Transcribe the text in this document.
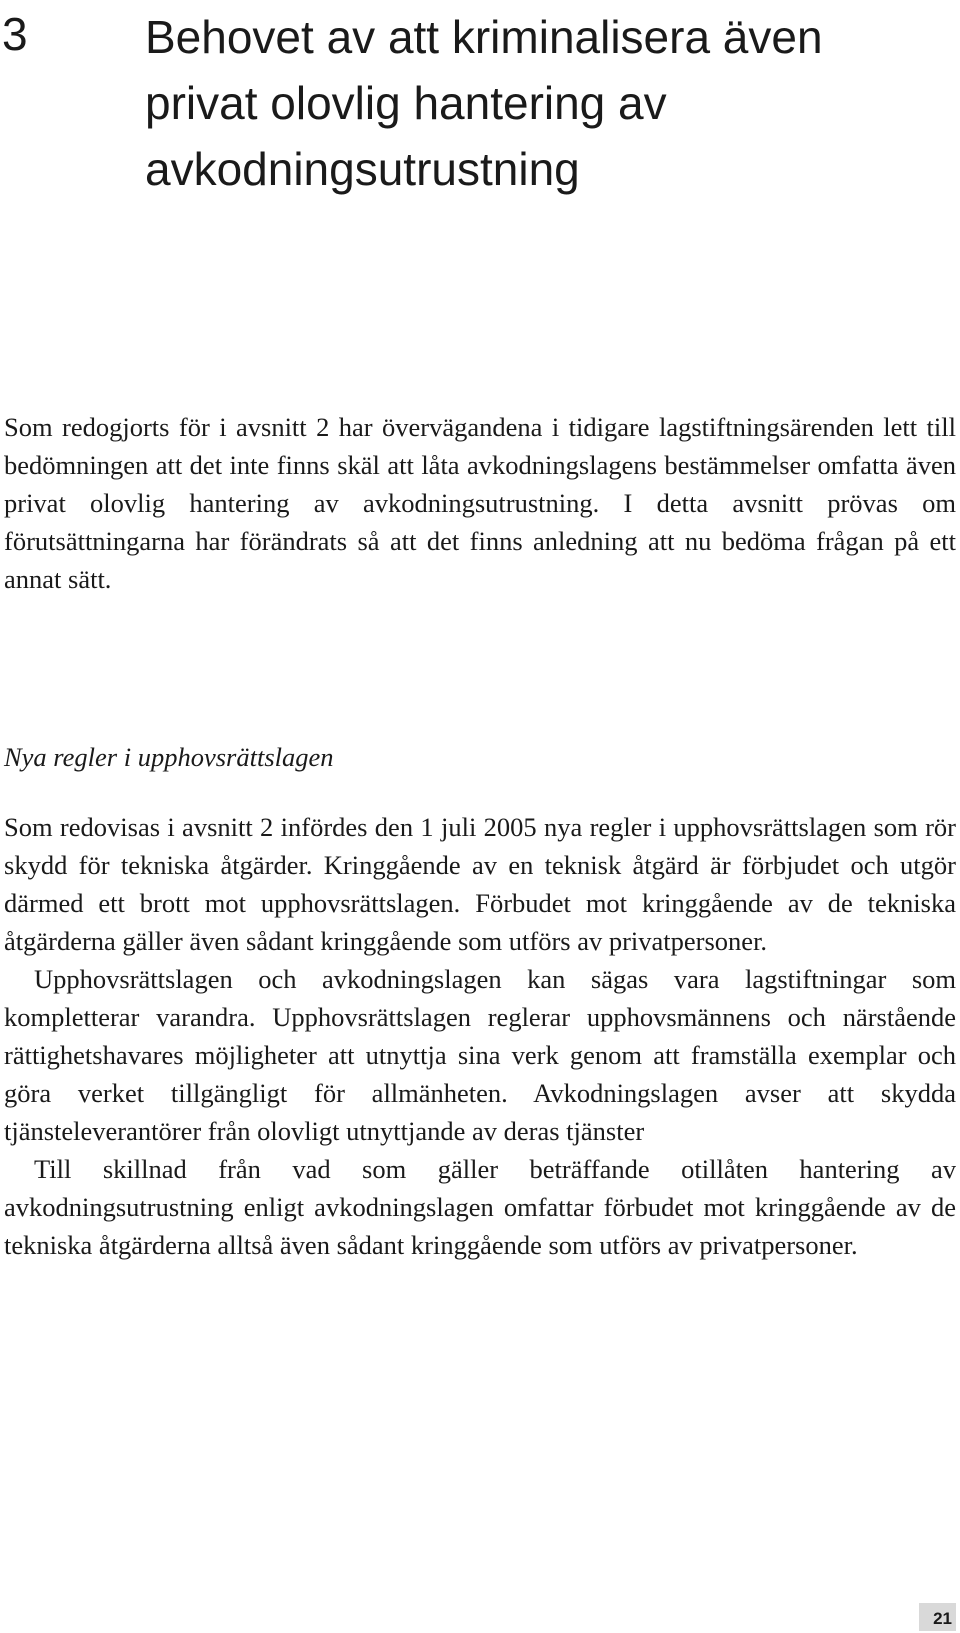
3	Behovet av att kriminalisera även privat olovlig hantering av avkodningsutrustning

Som redogjorts för i avsnitt 2 har övervägandena i tidigare lagstiftningsärenden lett till bedömningen att det inte finns skäl att låta avkodningslagens bestämmelser omfatta även privat olovlig hantering av avkodningsutrustning. I detta avsnitt prövas om förutsättningarna har förändrats så att det finns anledning att nu bedöma frågan på ett annat sätt.

Nya regler i upphovsrättslagen

Som redovisas i avsnitt 2 infördes den 1 juli 2005 nya regler i upphovsrättslagen som rör skydd för tekniska åtgärder. Kringgående av en teknisk åtgärd är förbjudet och utgör därmed ett brott mot upphovsrättslagen. Förbudet mot kringgående av de tekniska åtgärderna gäller även sådant kringgående som utförs av privatpersoner.

Upphovsrättslagen och avkodningslagen kan sägas vara lagstiftningar som kompletterar varandra. Upphovsrättslagen reglerar upphovsmännens och närstående rättighetshavares möjligheter att utnyttja sina verk genom att framställa exemplar och göra verket tillgängligt för allmänheten. Avkodningslagen avser att skydda tjänsteleverantörer från olovligt utnyttjande av deras tjänster

Till skillnad från vad som gäller beträffande otillåten hantering av avkodningsutrustning enligt avkodningslagen omfattar förbudet mot kringgående av de tekniska åtgärderna alltså även sådant kringgående som utförs av privatpersoner.

21
